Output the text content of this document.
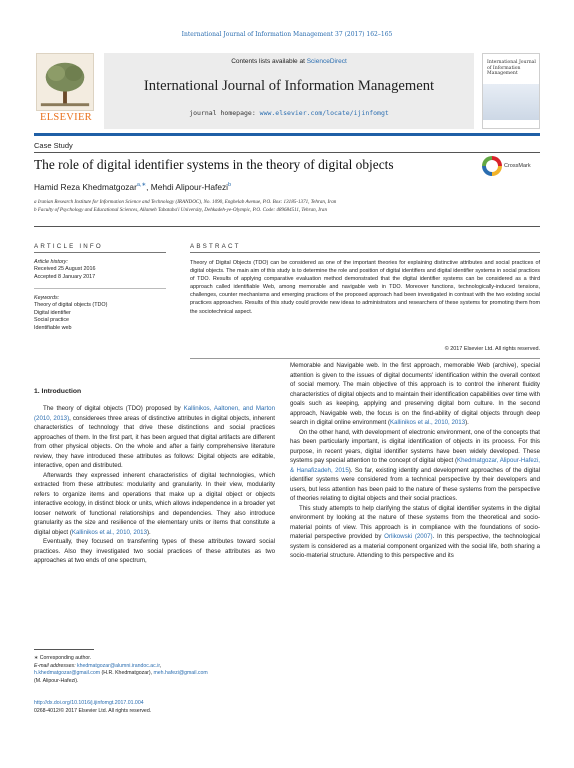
International Journal of Information Management 37 (2017) 162–165
ELSEVIER
Contents lists available at ScienceDirect
International Journal of Information Management
journal homepage: www.elsevier.com/locate/ijinfomgt
International Journal of Information Management
Case Study
The role of digital identifier systems in the theory of digital objects	CrossMark
Hamid Reza Khedmatgozar$^{a,∗}$, Mehdi Alipour-Hafezi$^b$
a Iranian Research Institute for Information Science and Technology (IRANDOC), No. 1090, Enghelab Avenue, P.O. Box: 13185-1371, Tehran, Iran
b Faculty of Psychology and Educational Sciences, Allameh Tabataba'i University, Dehkadeh-ye-Olympic, P.O. Code: 489684511, Tehran, Iran
ARTICLE INFO	ABSTRACT
Article history:
Received 25 August 2016
Accepted 8 January 2017
Keywords:
Theory of digital objects (TDO)
Digital identifier
Social practice
Identifiable web
Theory of Digital Objects (TDO) can be considered as one of the important theories for explaining distinctive attributes and social practices of digital objects. The main aim of this study is to determine the role and position of digital identifiers and digital identifier systems in social practices of TDO. Results of applying comparative evaluation method demonstrated that the digital identifier systems can be considered as a third approach called identifiable Web, among memorable and navigable web in TDO. Moreover functions, technologically-induced tensions, challenges, counter mechanisms and emerging practices of the proposed approach had been investigated in contrast with the two existing social practices approaches. Results of this study could provide new ideas to administrators and researchers of these systems for promoting them from the sociotechnical aspect.
© 2017 Elsevier Ltd. All rights reserved.
1. Introduction

The theory of digital objects (TDO) proposed by Kallinikos, Aaltonen, and Marton (2010, 2013), considerees three areas of distinctive attributes in digital objects, inherent characteristics of technology that drive these distinctions and social practices approaches of them. In the first part, it has been argued that digital artifacts are different from other physical objects. On the whole and after a fairly comprehensive literature review, they have introduced these attributes as follows: Digital objects are editable, interactive, open and distributed.

Afterwards they expressed inherent characteristics of digital technologies, which extracted from these attributes: modularity and granularity. In their view, modularity refers to organize items and operations that make up a digital object or objects interactive ecology, in distinct block or units, which allows independence in a broader yet looser network of functional relationships and dependencies. They also introduce granularity as the size and resilience of the elementary units or items that constitute a digital object (Kallinikos et al., 2010, 2013).

Eventually, they focused on transferring types of these attributes toward social practices. Also they investigated two social practices of these attributes as two approaches at two ends of one spectrum,

Memorable and Navigable web. In the first approach, memorable Web (archive), special attention is given to the issues of digital documents' identification within the overall context of social memory. The main objective of this approach is to control the inherent fluidity characteristics of digital objects and to maintain their identification capabilities over time with goals such as keeping, applying and preserving digital born culture. In the second approach, Navigable web, the focus is on the find-ability of digital objects through deep search in digital online environment (Kallinikos et al., 2010, 2013).

On the other hand, with development of electronic environment, one of the concepts that has been particularly important, is digital identification of objects in its process. For this purpose, in recent years, digital identifier systems have been widely developed. These systems pay special attention to the concept of digital object (Khedmatgozar, Alipour-Hafezi, & Hanafizadeh, 2015). So far, existing identity and development approaches of the digital identifier systems were considered from a technical perspective by their developers and users, but less attention has been paid to the nature of these systems from the perspective of theories relating to digital objects and their social practices.

This study attempts to help clarifying the status of digital identifier systems in the digital environment by looking at the nature of these systems from the theoretical and socio-material points of view. This approach is in compliance with the foundations of socio-material perspective provided by Orlikowski (2007). In this perspective, the technological system is considered as a material component organized with the social life, both sharing a socio-material structure. Attending to this perspective and its

∗ Corresponding author.
E-mail addresses: khedmatgozar@alumni.irandoc.ac.ir,
h.khedmatgozar@gmail.com (H.R. Khedmatgozar), meh.hafezi@gmail.com
(M. Alipour-Hafezi).
http://dx.doi.org/10.1016/j.ijinfomgt.2017.01.004
0268-4012/© 2017 Elsevier Ltd. All rights reserved.
